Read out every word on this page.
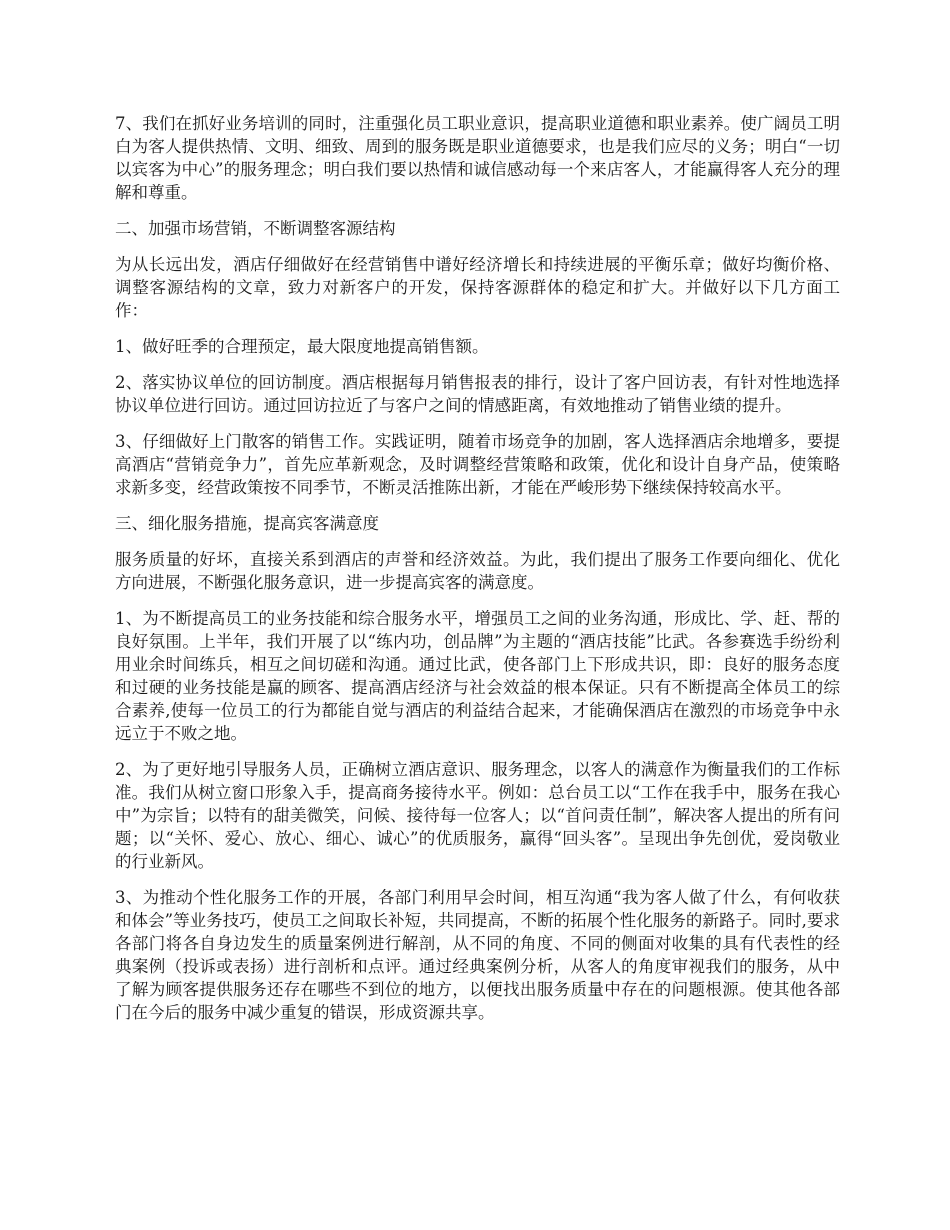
7、我们在抓好业务培训的同时，注重强化员工职业意识，提高职业道德和职业素养。使广阔员工明白为客人提供热情、文明、细致、周到的服务既是职业道德要求，也是我们应尽的义务；明白“一切以宾客为中心”的服务理念；明白我们要以热情和诚信感动每一个来店客人，才能赢得客人充分的理解和尊重。

二、加强市场营销，不断调整客源结构

为从长远出发，酒店仔细做好在经营销售中谱好经济增长和持续进展的平衡乐章；做好均衡价格、调整客源结构的文章，致力对新客户的开发，保持客源群体的稳定和扩大。并做好以下几方面工作：

1、做好旺季的合理预定，最大限度地提高销售额。

2、落实协议单位的回访制度。酒店根据每月销售报表的排行，设计了客户回访表，有针对性地选择协议单位进行回访。通过回访拉近了与客户之间的情感距离，有效地推动了销售业绩的提升。

3、仔细做好上门散客的销售工作。实践证明，随着市场竞争的加剧，客人选择酒店余地增多，要提高酒店“营销竞争力”，首先应革新观念，及时调整经营策略和政策，优化和设计自身产品，使策略求新多变，经营政策按不同季节，不断灵活推陈出新，才能在严峻形势下继续保持较高水平。

三、细化服务措施，提高宾客满意度

服务质量的好坏，直接关系到酒店的声誉和经济效益。为此，我们提出了服务工作要向细化、优化方向进展，不断强化服务意识，进一步提高宾客的满意度。

1、为不断提高员工的业务技能和综合服务水平，增强员工之间的业务沟通，形成比、学、赶、帮的良好氛围。上半年，我们开展了以“练内功，创品牌”为主题的“酒店技能”比武。各参赛选手纷纷利用业余时间练兵，相互之间切磋和沟通。通过比武，使各部门上下形成共识，即：良好的服务态度和过硬的业务技能是赢的顾客、提高酒店经济与社会效益的根本保证。只有不断提高全体员工的综合素养,使每一位员工的行为都能自觉与酒店的利益结合起来，才能确保酒店在激烈的市场竞争中永远立于不败之地。

2、为了更好地引导服务人员，正确树立酒店意识、服务理念，以客人的满意作为衡量我们的工作标准。我们从树立窗口形象入手，提高商务接待水平。例如：总台员工以“工作在我手中，服务在我心中”为宗旨；以特有的甜美微笑，问候、接待每一位客人；以“首问责任制”，解决客人提出的所有问题；以“关怀、爱心、放心、细心、诚心”的优质服务，赢得“回头客”。呈现出争先创优，爱岗敬业的行业新风。

3、为推动个性化服务工作的开展，各部门利用早会时间，相互沟通“我为客人做了什么，有何收获和体会”等业务技巧，使员工之间取长补短，共同提高，不断的拓展个性化服务的新路子。同时,要求各部门将各自身边发生的质量案例进行解剖，从不同的角度、不同的侧面对收集的具有代表性的经典案例（投诉或表扬）进行剖析和点评。通过经典案例分析，从客人的角度审视我们的服务，从中了解为顾客提供服务还存在哪些不到位的地方，以便找出服务质量中存在的问题根源。使其他各部门在今后的服务中减少重复的错误，形成资源共享。
